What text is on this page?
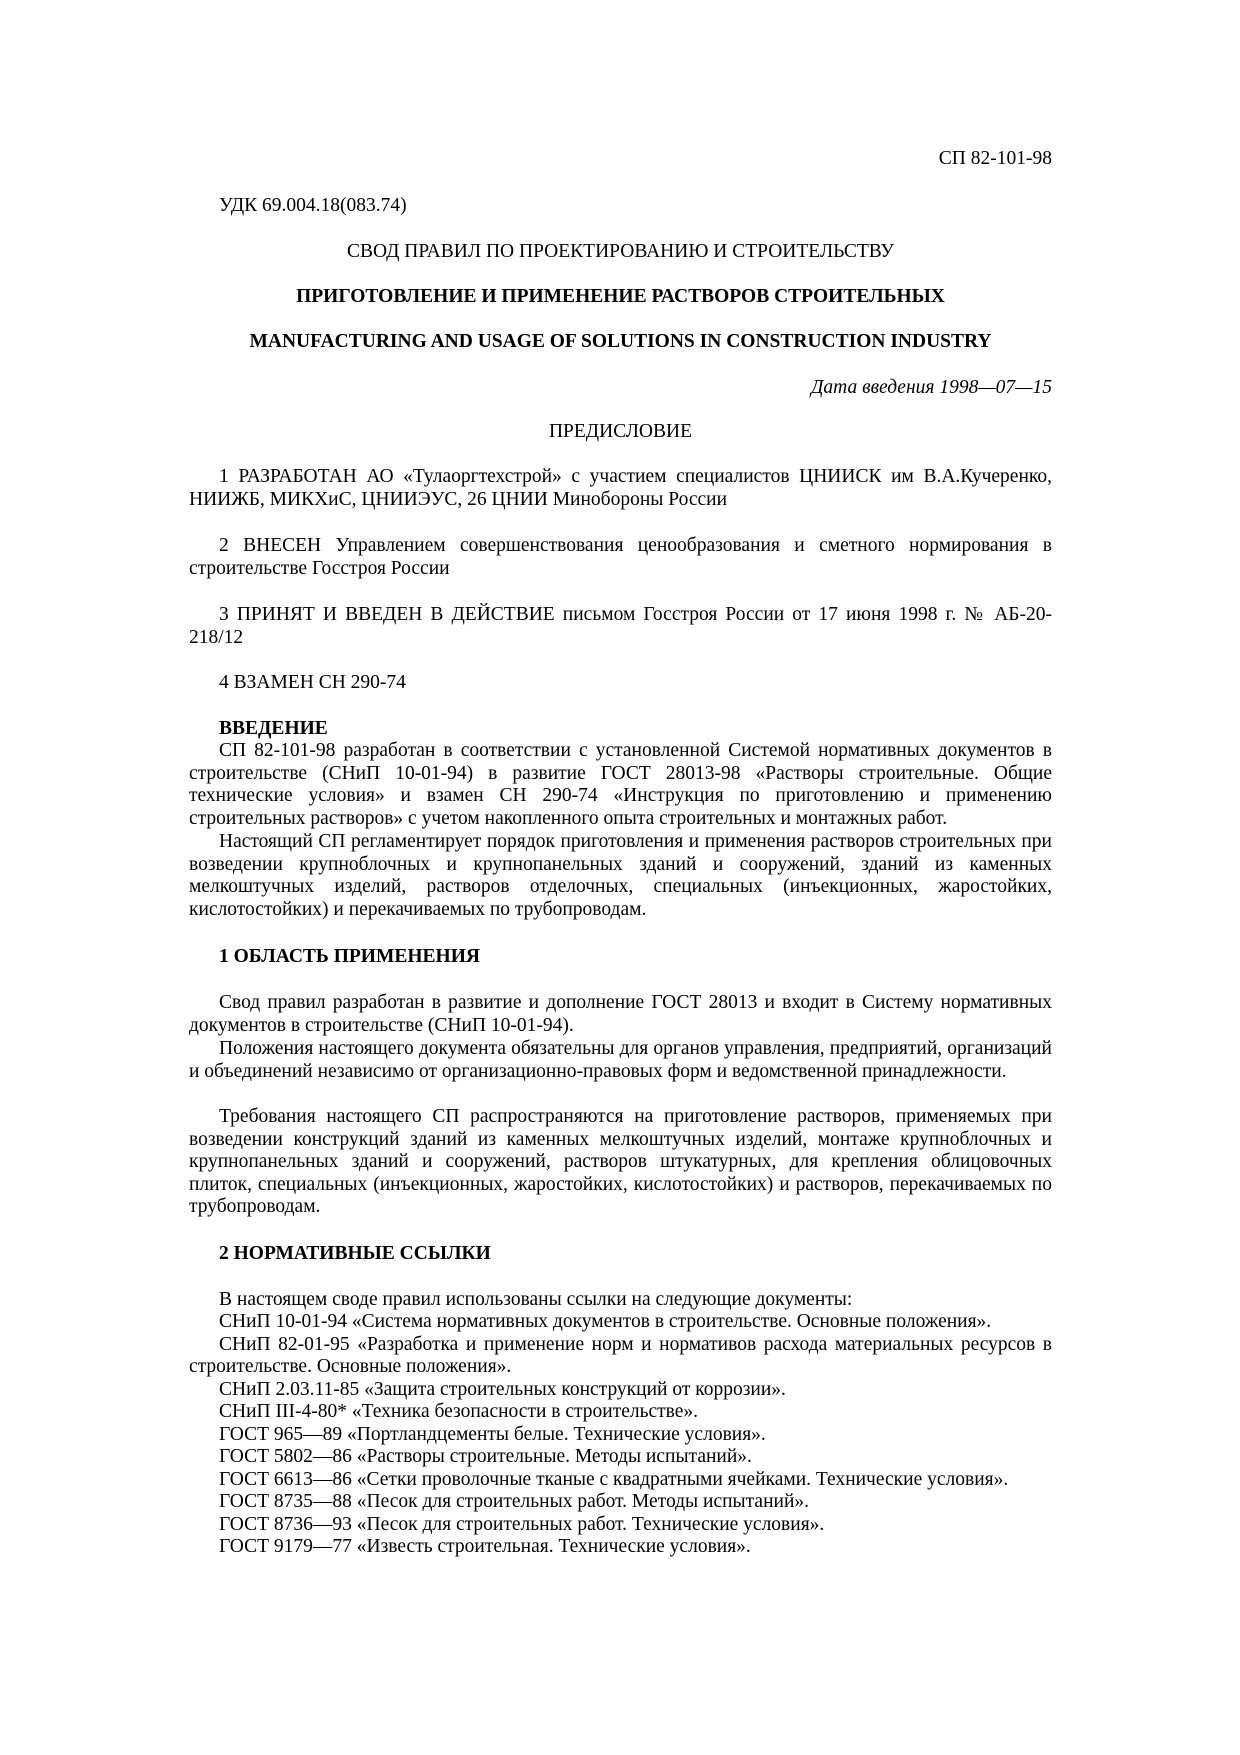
СП 82-101-98
УДК 69.004.18(083.74)
СВОД ПРАВИЛ ПО ПРОЕКТИРОВАНИЮ И СТРОИТЕЛЬСТВУ
ПРИГОТОВЛЕНИЕ И ПРИМЕНЕНИЕ РАСТВОРОВ СТРОИТЕЛЬНЫХ
MANUFACTURING AND USAGE OF SOLUTIONS IN CONSTRUCTION INDUSTRY
Дата введения 1998—07—15
ПРЕДИСЛОВИЕ

1 РАЗРАБОТАН АО «Тулаоргтехстрой» с участием специалистов ЦНИИСК им В.А.Кучеренко, НИИЖБ, МИКХиС, ЦНИИЭУС, 26 ЦНИИ Минобороны России

2 ВНЕСЕН Управлением совершенствования ценообразования и сметного нормирования в строительстве Госстроя России

3 ПРИНЯТ И ВВЕДЕН В ДЕЙСТВИЕ письмом Госстроя России от 17 июня 1998 г. № АБ-20-218/12

4 ВЗАМЕН СН 290-74

ВВЕДЕНИЕ

СП 82-101-98 разработан в соответствии с установленной Системой нормативных документов в строительстве (СНиП 10-01-94) в развитие ГОСТ 28013-98 «Растворы строительные. Общие технические условия» и взамен СН 290-74 «Инструкция по приготовлению и применению строительных растворов» с учетом накопленного опыта строительных и монтажных работ.

Настоящий СП регламентирует порядок приготовления и применения растворов строительных при возведении крупноблочных и крупнопанельных зданий и сооружений, зданий из каменных мелкоштучных изделий, растворов отделочных, специальных (инъекционных, жаростойких, кислотостойких) и перекачиваемых по трубопроводам.

1 ОБЛАСТЬ ПРИМЕНЕНИЯ

Свод правил разработан в развитие и дополнение ГОСТ 28013 и входит в Систему нормативных документов в строительстве (СНиП 10-01-94).

Положения настоящего документа обязательны для органов управления, предприятий, организаций и объединений независимо от организационно-правовых форм и ведомственной принадлежности.

Требования настоящего СП распространяются на приготовление растворов, применяемых при возведении конструкций зданий из каменных мелкоштучных изделий, монтаже крупноблочных и крупнопанельных зданий и сооружений, растворов штукатурных, для крепления облицовочных плиток, специальных (инъекционных, жаростойких, кислотостойких) и растворов, перекачиваемых по трубопроводам.

2 НОРМАТИВНЫЕ ССЫЛКИ

В настоящем своде правил использованы ссылки на следующие документы:

СНиП 10-01-94 «Система нормативных документов в строительстве. Основные положения».

СНиП 82-01-95 «Разработка и применение норм и нормативов расхода материальных ресурсов в строительстве. Основные положения».

СНиП 2.03.11-85 «Защита строительных конструкций от коррозии».

СНиП III-4-80* «Техника безопасности в строительстве».

ГОСТ 965—89 «Портландцементы белые. Технические условия».

ГОСТ 5802—86 «Растворы строительные. Методы испытаний».

ГОСТ 6613—86 «Сетки проволочные тканые с квадратными ячейками. Технические условия».

ГОСТ 8735—88 «Песок для строительных работ. Методы испытаний».

ГОСТ 8736—93 «Песок для строительных работ. Технические условия».

ГОСТ 9179—77 «Известь строительная. Технические условия».
